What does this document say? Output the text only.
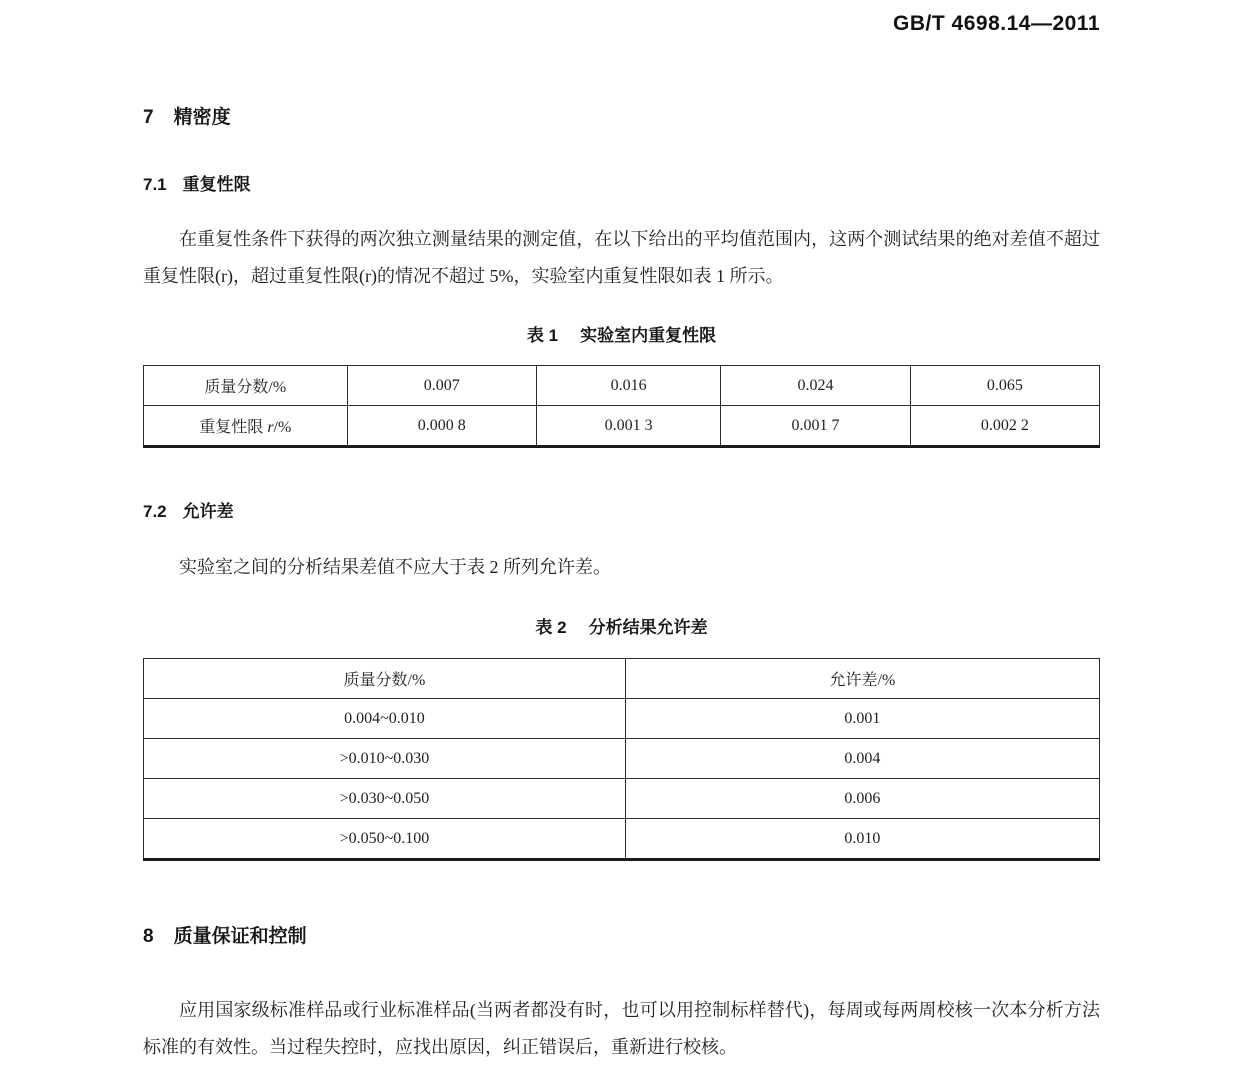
GB/T 4698.14—2011
7 精密度
7.1 重复性限

在重复性条件下获得的两次独立测量结果的测定值，在以下给出的平均值范围内，这两个测试结果的绝对差值不超过重复性限(r)，超过重复性限(r)的情况不超过 5%，实验室内重复性限如表 1 所示。

表 1 实验室内重复性限
质量分数/%	0.007	0.016	0.024	0.065
重复性限 r/%	0.000 8	0.001 3	0.001 7	0.002 2
7.2 允许差

实验室之间的分析结果差值不应大于表 2 所列允许差。

表 2 分析结果允许差
质量分数/%	允许差/%
0.004~0.010	0.001
>0.010~0.030	0.004
>0.030~0.050	0.006
>0.050~0.100	0.010
8 质量保证和控制

应用国家级标准样品或行业标准样品(当两者都没有时，也可以用控制标样替代)，每周或每两周校核一次本分析方法标准的有效性。当过程失控时，应找出原因，纠正错误后，重新进行校核。
